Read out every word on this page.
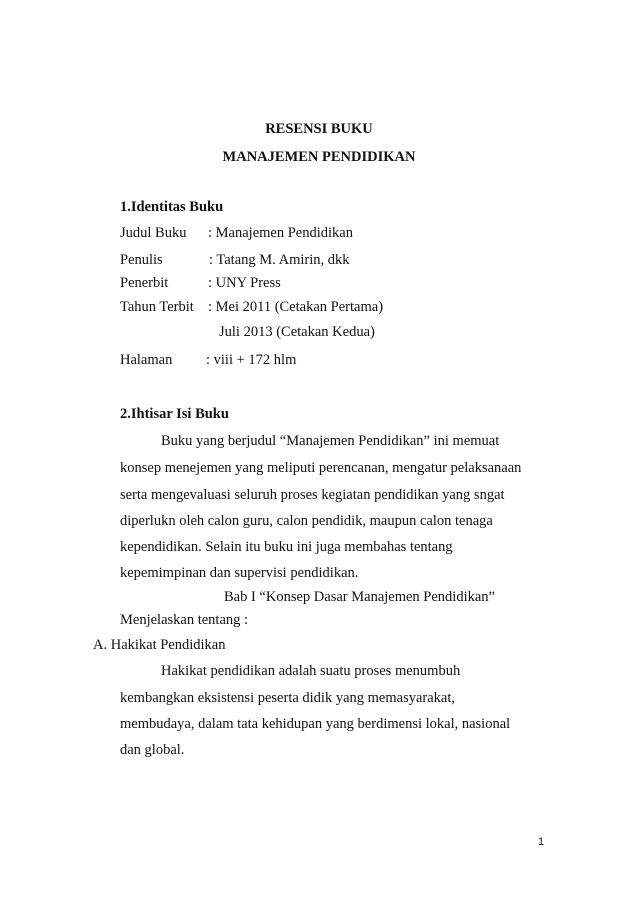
RESENSI BUKU
MANAJEMEN PENDIDIKAN
1.Identitas Buku
Judul Buku : Manajemen Pendidikan
Penulis	: Tatang M. Amirin, dkk
Penerbit	: UNY Press
Tahun Terbit : Mei 2011 (Cetakan Pertama)
Juli 2013 (Cetakan Kedua)
Halaman : viii + 172 hlm
2.Ihtisar Isi Buku
Buku yang berjudul “Manajemen Pendidikan” ini memuat
konsep menejemen yang meliputi perencanan, mengatur pelaksanaan
serta mengevaluasi seluruh proses kegiatan pendidikan yang sngat
diperlukn oleh calon guru, calon pendidik, maupun calon tenaga
kependidikan. Selain itu buku ini juga membahas tentang
kepemimpinan dan supervisi pendidikan.
Bab I “Konsep Dasar Manajemen Pendidikan”
Menjelaskan tentang :
A. Hakikat Pendidikan
Hakikat pendidikan adalah suatu proses menumbuh
kembangkan eksistensi peserta didik yang memasyarakat,
membudaya, dalam tata kehidupan yang berdimensi lokal, nasional
dan global.
1
